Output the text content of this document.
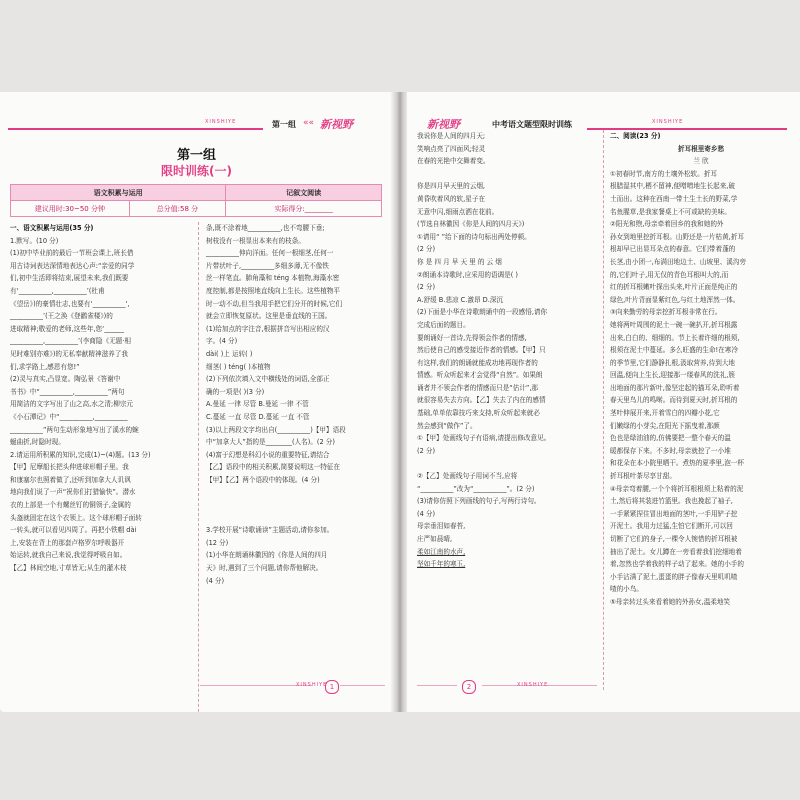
XINSHIYE	第一组 «« 新视野
第一组
限时训练(一)
语文积累与运用		记叙文阅读
建议用时:30~50 分钟	总分值:58 分	实际得分:________

一、语文积累与运用(35 分)

1.默写。(10 分)

(1)初中毕业前的最后一节班会课上,班长借

用古诗词表达深情地表达心声:“亲爱的同学

们,初中生活即将结束,展望未来,我们既要

有‘__________,__________’(杜甫

《望岳》)的豪情壮志,也要有‘__________',

__________’(王之涣《登鹳雀楼》)的

进取精神;敬爱的老师,这些年,您‘______

__________,__________’(李商隐《无题·相

见时难别亦难》)的无私奉献精神滋养了我

们,求学路上,感恩有您!”

(2)灵与真实,凸显宽。陶弘景《答谢中

书书》中“__________,__________”两句

用简洁的文字写出了山之高,水之清;柳宗元

《小石潭记》中“__________,__________

__________”两句生动形象地写出了溪水的蜿

蜒曲折,时隐时现。

2.请运用所积累的知识,完成(1)~(4)题。(13 分)

【甲】尼摩船长把头伸进球形帽子里。我

和康塞尔也照着做了,还听到加拿大人讥讽

地向我们说了一声“祝你们打猎愉快”。潜水

衣的上部是一个有螺丝钉的铜领子,金属的

头盔就固定在这个衣领上。这个球形帽子面转

一转头,就可以看见四周了。再把小铁帽 dài

上,安装在背上的那套卢格罗尔呼吸器开

始运转,就我自己来说,我觉得呼吸自如。

【乙】林间空地,寸草皆无;从生的灌木枝

条,既不涂着地__________,也不弯腰下垂;

树枝没有一根显出本来有的枝条。

__________伸向洋面。任何一根细茎,任何一

片带状叶子,__________多细多薄,无不像铁

丝一样笔直。肺角藻和 téng 本植物,海藻水密

度控制,都是按照地直线向上生长。这些植物平

时一动不动,但当我用手把它们分开的时候,它们

就会立即恢复原状。这里是垂直线的王国。

(1)给加点的字注音,根据拼音写出相应的汉

字。(4 分)

dài( )上 运转( )

细茎( ) téng( )本植物

(2)下列依次填入文中横线处的词语,全部正

确的一项是( )(3 分)

A.曼延 一律 尽管 B.曼延 一律 不管

C.蔓延 一直 尽管 D.蔓延 一直 不管

(3)以上两段文字均出自(__________)【甲】语段

中“加拿大人”指的是________(人名)。(2 分)

(4)富于幻想是科幻小说的重要特征,请结合

【乙】语段中的相关积累,简要说明这一特征在

【甲】【乙】两个语段中的体现。(4 分)

3.学校开展“诗歌诵读”主题活动,请你参加。

(12 分)

(1)小华在朗诵林徽因的《你是人间的四月

天》时,遇到了三个问题,请你帮他解决。

(4 分)

XINSHIYE 1
新视野	中考语文题型限时训练	XINSHIYE

我说你是人间的四月天;

笑响点亮了四面风;轻灵

在春的光艳中交舞着变。

你是四月早天里的云烟,

黄昏吹着风的软,星子在

无意中闪,细雨点洒在花前。

(节选自林徽因《你是人间的四月天》)

①请用“ ”给下面的诗句标出两处停顿。

(2 分)

你 是 四 月 早 天 里 的 云 烟

②朗诵本诗歌时,应采用的语调是( )

(2 分)

A.舒缓 B.悲凉 C.激昂 D.深沉

(2)下面是小华在诗歌朗诵中的一段感悟,请你

完成后面的题目。

要朗诵好一首诗,先得领会作者的情感,

然后使自己的感受接近作者的情感。【甲】只

有这样,我们的朗诵就能成功地再现作者的

情感。听众听起来才会觉得“自然”。如果朗

诵者并不领会作者的情感而只是“估计”,那

就很容易失去方向。【乙】失去了内在的感情

基础,单单依靠技巧来支持,听众听起来就必

然会感到“做作”了。

①【甲】处画线句子有语病,请提出修改意见。

(2 分)

②【乙】处画线句子用词不当,应将

“__________”改为“__________”。(2 分)

(3)请你仿照下列画线的句子,写两行诗句。

(4 分)

母亲垂泪如春苔,

庄严如晨晴,

柔如江南的水声,

坚如千年的寒玉,

二、阅读(23 分)

折耳根里寄乡愁

兰 欣

①初春时节,南方的土壤外松软。折耳

根腊湿其中,栖不留神,便噌噌地生长起来,破

土而出。这种在西南一带土生土长的野菜,学

名鱼腥草,是我家餐桌上不可或缺的美味。

②阳光和煦,母亲牵着回乡的我和她的外

孙女到地里挖折耳根。山野还是一片枯黄,折耳

根却早已出显耳朵点的春意。它们带着蓬的

长茎,由小团一,布满田地边土、山坡里、溪沟旁

的,它们叶子,用无仅的青色耳根叫大的,而

红的折耳根嫩叶探出头来,叶片正面是纯正的

绿色,叶片背面显紫红色,与红土地浑然一体。

③向来勤劳的母亲挖折耳根非常在行。

她将两叶周围的泥土一碗一碗扒开,折耳根露

出来,白白的、细细的。节上长着许细的根须,

根须在泥土中蔓延。多么旺盛的生命!在寒冷

的季节里,它们静静扎根,汲取营养,待到大地

回温,便向上生长,迎接那一缕春风的洗礼,簇

出地面的那片新叶,像坚定起的猫耳朵,聆听着

春天里鸟儿的鸣啭。而待到夏天时,折耳根的

茎叶伸展开来,开着雪白的四瓣小花,它

们嫩绿的小芽尖,在阳光下摇曳着,那颜

色也是绿油油的,仿佛要把一整个春天的温

暖都保存下来。不多时,母亲就挖了一小堆

和花朵在本小院里晒干。煮热的夏季里,泡一杯

折耳根叶茶尽享甘甜。

④母亲弯着腰,一个个将折耳根根须上粘着的泥

土,然后将其装进竹篮里。我也挽起了袖子,

一手紧紧捏住冒出地面的茎叶,一手用铲子挖

开泥土。我用力过猛,生怕它们断开,可以回

切断了它们的身子,一棵令人惋惜的折耳根被

抽出了泥土。女儿蹲在一旁看着我们挖细地着

着,忽然也学着我的样子动了起来。她的小手的

小手沾满了泥土,蛋蛋的胖子像春天里叽叽喳

喳的小鸟。

⑤母亲转过头来看着她的外孙女,温柔地笑

2	XINSHIYE
